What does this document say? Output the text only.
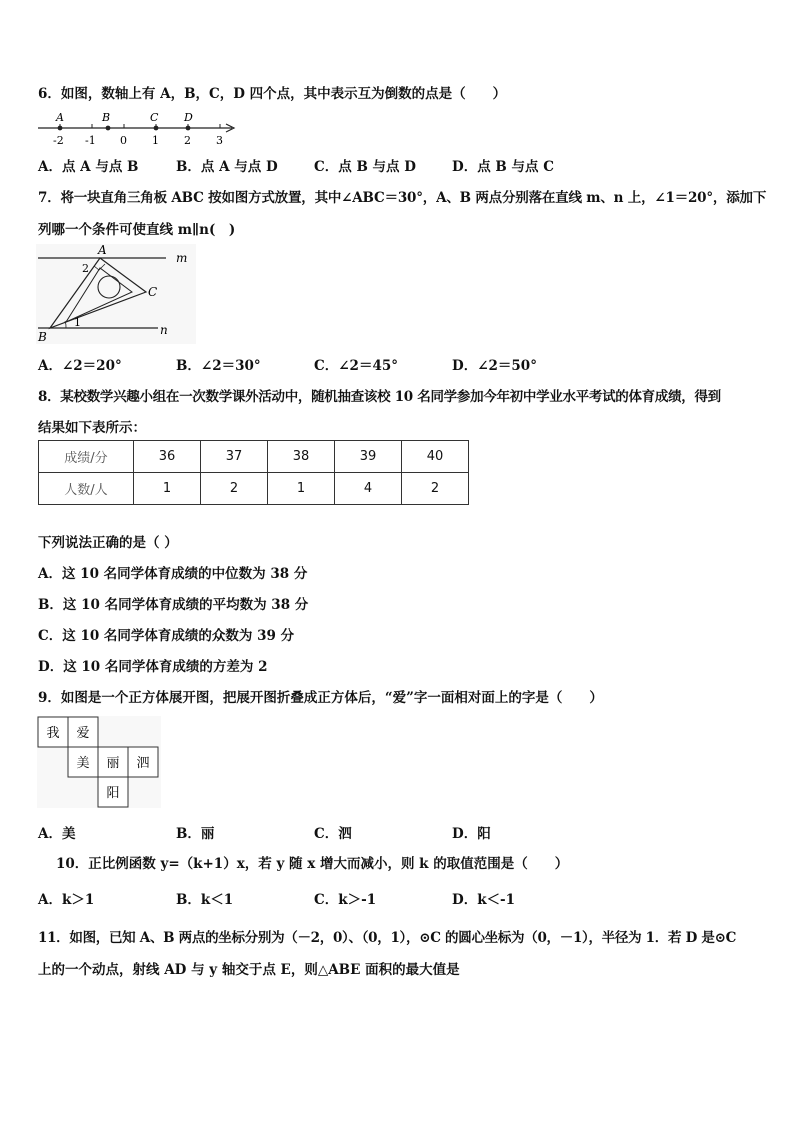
6．如图，数轴上有 A，B，C，D 四个点，其中表示互为倒数的点是（　　）
A	B	C D
-2 -1 0 1 2 3
A．点 A 与点 B	B．点 A 与点 D	C．点 B 与点 D	D．点 B 与点 C
7．将一块直角三角板 ABC 按如图方式放置，其中∠ABC＝30°，A、B 两点分别落在直线 m、n 上，∠1＝20°，添加下
列哪一个条件可使直线 m∥n(　)
A
B
C
m
n
1
2
A．∠2＝20°	B．∠2＝30°	C．∠2＝45°	D．∠2＝50°
8．某校数学兴趣小组在一次数学课外活动中，随机抽查该校 10 名同学参加今年初中学业水平考试的体育成绩，得到
结果如下表所示：
成绩/分	36	37	38	39	40
人数/人	1	2	1	4	2
下列说法正确的是（ ）
A．这 10 名同学体育成绩的中位数为 38 分
B．这 10 名同学体育成绩的平均数为 38 分
C．这 10 名同学体育成绩的众数为 39 分
D．这 10 名同学体育成绩的方差为 2
9．如图是一个正方体展开图，把展开图折叠成正方体后，“爱”字一面相对面上的字是（　　）
我 爱
美 丽 泗
阳
A．美	B．丽	C．泗	D．阳
10．正比例函数 y=（k+1）x，若 y 随 x 增大而减小，则 k 的取值范围是（　　）
A．k＞1	B．k＜1	C．k＞-1	D．k＜-1
11．如图，已知 A、B 两点的坐标分别为（－2，0）、（0，1），⊙C 的圆心坐标为（0，－1），半径为 1．若 D 是⊙C
上的一个动点，射线 AD 与 y 轴交于点 E，则△ABE 面积的最大值是
